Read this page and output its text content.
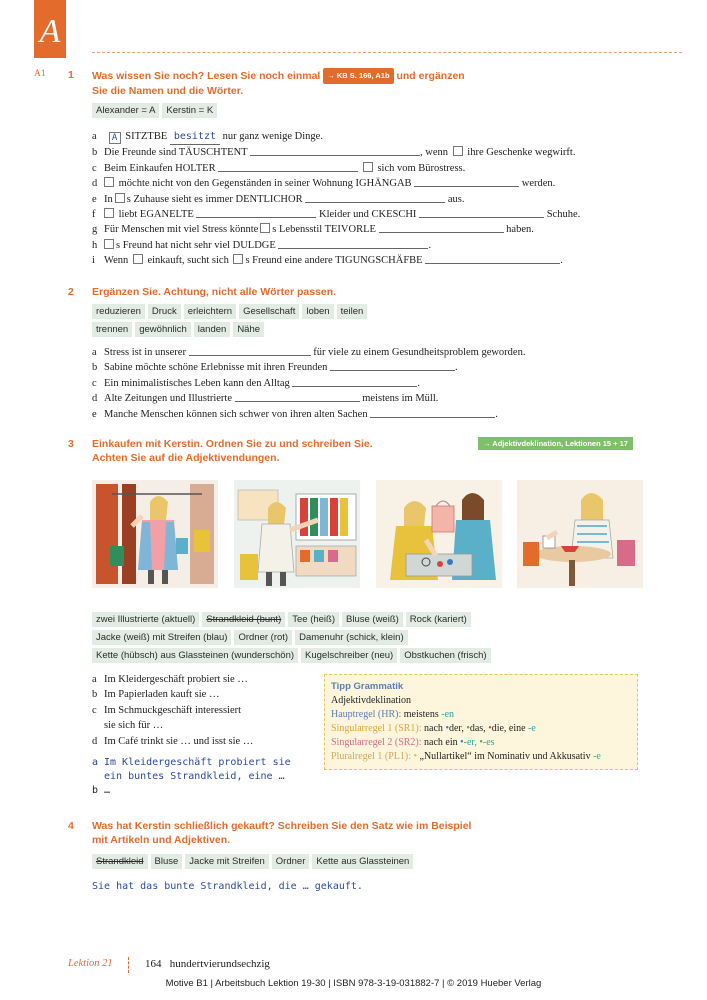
A
A1 1 Was wissen Sie noch? Lesen Sie noch einmal → KB S. 166, A1b und ergänzen
Sie die Namen und die Wörter.
Alexander = A	Kerstin = K
a A SITZTBE besitzt nur ganz wenige Dinge.
b Die Freunde sind TÄUSCHTENT	, wenn ihre Geschenke wegwirft.
c Beim Einkaufen HOLTER	sich vom Bürostress.
d möchte nicht von den Gegenständen in seiner Wohnung IGHÄNGAB	werden.
e In s Zuhause sieht es immer DENTLICHOR	aus.
f liebt EGANELTE	Kleider und CKESCHI	Schuhe.
g Für Menschen mit viel Stress könnte s Lebensstil TEIVORLE	haben.
h s Freund hat nicht sehr viel DULDGE	.
i Wenn einkauft, sucht sich s Freund eine andere TIGUNGSCHÄFBE	.
2 Ergänzen Sie. Achtung, nicht alle Wörter passen.
reduzieren	Druck	erleichtern	Gesellschaft	loben	teilen
trennen	gewöhnlich	landen	Nähe
a Stress ist in unserer	für viele zu einem Gesundheitsproblem geworden.
b Sabine möchte schöne Erlebnisse mit ihren Freunden	.
c Ein minimalistisches Leben kann den Alltag	.
d Alte Zeitungen und Illustrierte	meistens im Müll.
e Manche Menschen können sich schwer von ihren alten Sachen	.
3 Einkaufen mit Kerstin. Ordnen Sie zu und schreiben Sie.
Achten Sie auf die Adjektivendungen.
→ Adjektivdeklination, Lektionen 15 + 17
zwei Illustrierte (aktuell)	Strandkleid (bunt)	Tee (heiß)	Bluse (weiß)	Rock (kariert)
Jacke (weiß) mit Streifen (blau)	Ordner (rot)	Damenuhr (schick, klein)
Kette (hübsch) aus Glassteinen (wunderschön)	Kugelschreiber (neu)	Obstkuchen (frisch)
a Im Kleidergeschäft probiert sie …
b Im Papierladen kauft sie …
c Im Schmuckgeschäft interessiert
sie sich für …
d Im Café trinkt sie … und isst sie …
a Im Kleidergeschäft probiert sie
ein buntes Strandkleid, eine …
b …
Tipp Grammatik
Adjektivdeklination
Hauptregel (HR): meistens -en
Singularregel 1 (SR1): nach •der, •das, •die, eine -e
Singularregel 2 (SR2): nach ein •-er, •-es
Pluralregel 1 (PL1): • „Nullartikel“ im Nominativ und Akkusativ -e
4 Was hat Kerstin schließlich gekauft? Schreiben Sie den Satz wie im Beispiel
mit Artikeln und Adjektiven.
Strandkleid	Bluse	Jacke mit Streifen	Ordner	Kette aus Glassteinen
Sie hat das bunte Strandkleid, die … gekauft.
Lektion 21	164 hundertvierundsechzig
Motive B1 | Arbeitsbuch Lektion 19-30 | ISBN 978-3-19-031882-7 | © 2019 Hueber Verlag
